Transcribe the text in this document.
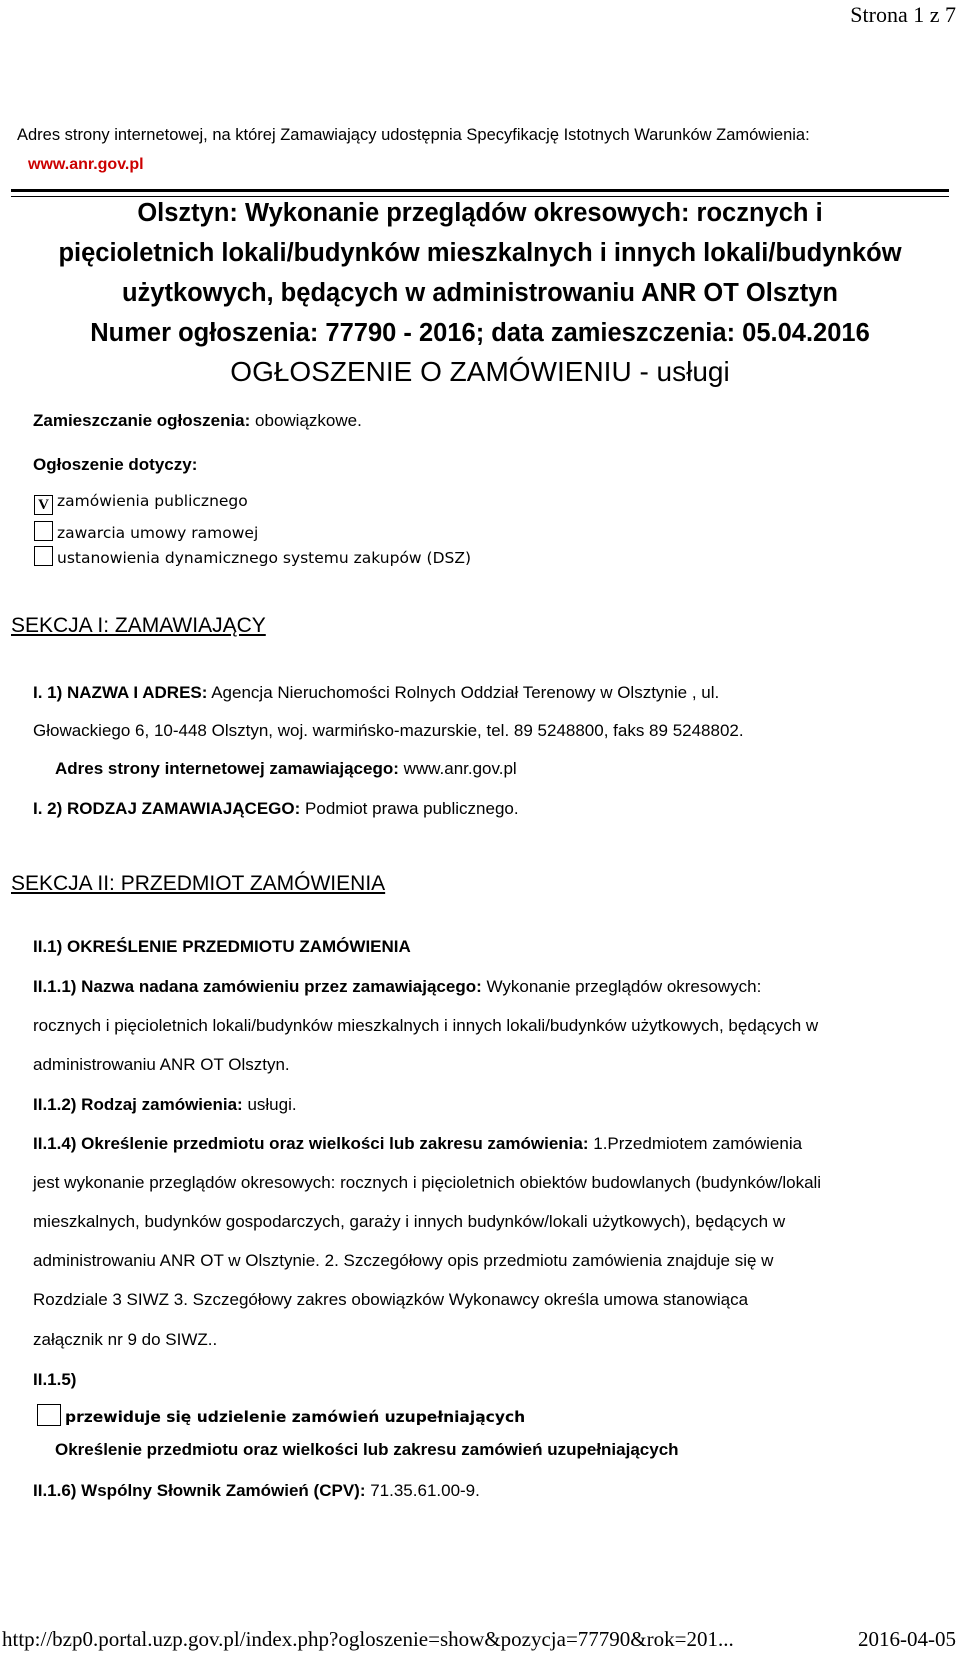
Strona 1 z 7
Adres strony internetowej, na której Zamawiający udostępnia Specyfikację Istotnych Warunków Zamówienia:
www.anr.gov.pl
Olsztyn: Wykonanie przeglądów okresowych: rocznych i
pięcioletnich lokali/budynków mieszkalnych i innych lokali/budynków
użytkowych, będących w administrowaniu ANR OT Olsztyn
Numer ogłoszenia: 77790 - 2016; data zamieszczenia: 05.04.2016
OGŁOSZENIE O ZAMÓWIENIU - usługi
Zamieszczanie ogłoszenia: obowiązkowe.
Ogłoszenie dotyczy:
V zamówienia publicznego
zawarcia umowy ramowej
ustanowienia dynamicznego systemu zakupów (DSZ)
SEKCJA I: ZAMAWIAJĄCY
I. 1) NAZWA I ADRES: Agencja Nieruchomości Rolnych Oddział Terenowy w Olsztynie , ul.
Głowackiego 6, 10-448 Olsztyn, woj. warmińsko-mazurskie, tel. 89 5248800, faks 89 5248802.
Adres strony internetowej zamawiającego: www.anr.gov.pl
I. 2) RODZAJ ZAMAWIAJĄCEGO: Podmiot prawa publicznego.
SEKCJA II: PRZEDMIOT ZAMÓWIENIA
II.1) OKREŚLENIE PRZEDMIOTU ZAMÓWIENIA
II.1.1) Nazwa nadana zamówieniu przez zamawiającego: Wykonanie przeglądów okresowych:
rocznych i pięcioletnich lokali/budynków mieszkalnych i innych lokali/budynków użytkowych, będących w
administrowaniu ANR OT Olsztyn.
II.1.2) Rodzaj zamówienia: usługi.
II.1.4) Określenie przedmiotu oraz wielkości lub zakresu zamówienia: 1.Przedmiotem zamówienia
jest wykonanie przeglądów okresowych: rocznych i pięcioletnich obiektów budowlanych (budynków/lokali
mieszkalnych, budynków gospodarczych, garaży i innych budynków/lokali użytkowych), będących w
administrowaniu ANR OT w Olsztynie. 2. Szczegółowy opis przedmiotu zamówienia znajduje się w
Rozdziale 3 SIWZ 3. Szczegółowy zakres obowiązków Wykonawcy określa umowa stanowiąca
załącznik nr 9 do SIWZ..
II.1.5)
przewiduje się udzielenie zamówień uzupełniających
Określenie przedmiotu oraz wielkości lub zakresu zamówień uzupełniających
II.1.6) Wspólny Słownik Zamówień (CPV): 71.35.61.00-9.
http://bzp0.portal.uzp.gov.pl/index.php?ogloszenie=show&pozycja=77790&rok=201...	2016-04-05
